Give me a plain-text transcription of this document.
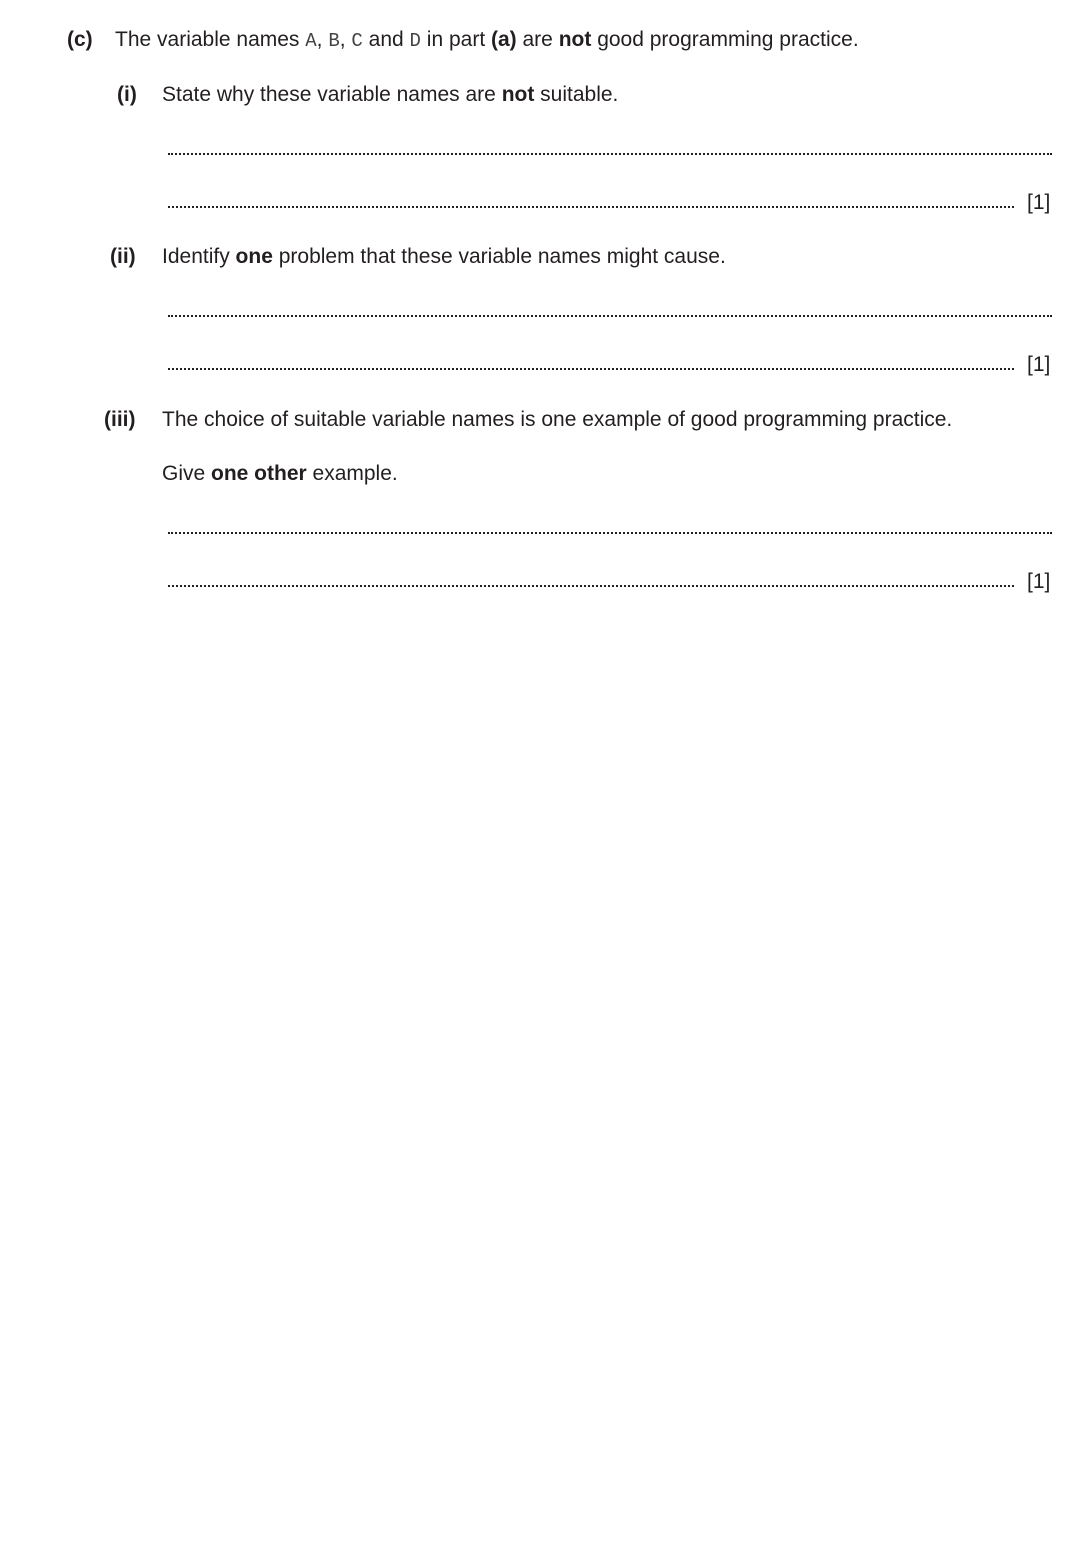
(c) The variable names A, B, C and D in part (a) are not good programming practice.
(i) State why these variable names are not suitable.
[1]
(ii) Identify one problem that these variable names might cause.
[1]
(iii) The choice of suitable variable names is one example of good programming practice.
Give one other example.
[1]
